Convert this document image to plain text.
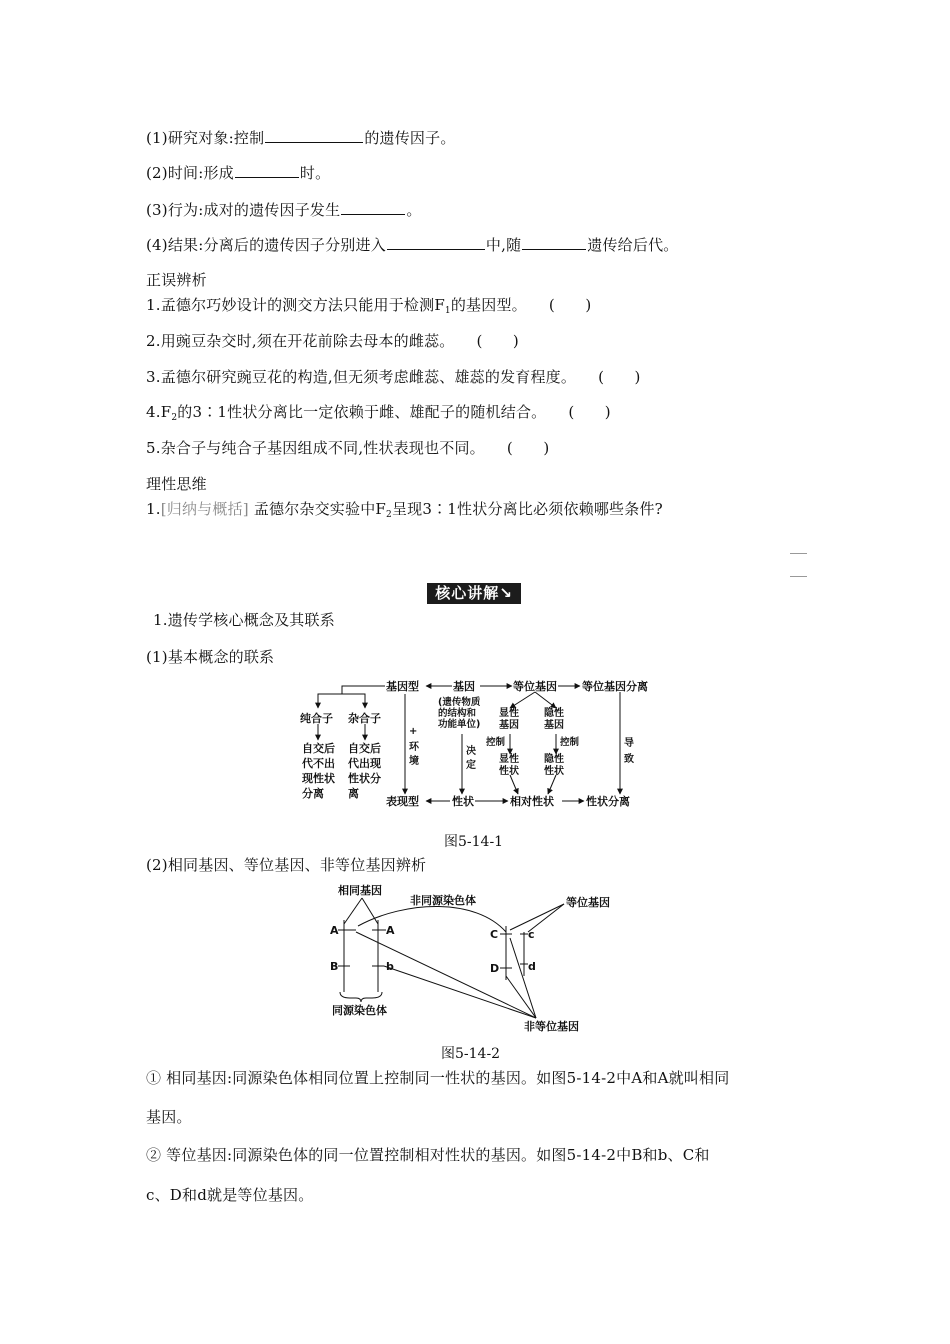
(1)研究对象:控制	的遗传因子。
(2)时间:形成	时。
(3)行为:成对的遗传因子发生	。
(4)结果:分离后的遗传因子分别进入	中,随	遗传给后代。
正误辨析
1.孟德尔巧妙设计的测交方法只能用于检测$F_1$的基因型。 (　　)
2.用豌豆杂交时,须在开花前除去母本的雌蕊。 (　　)
3.孟德尔研究豌豆花的构造,但无须考虑雌蕊、雄蕊的发育程度。 (　　)
$4.F_2$的3∶1性状分离比一定依赖于雌、雄配子的随机结合。 (　　)
5.杂合子与纯合子基因组成不同,性状表现也不同。 (　　)
理性思维
1.[归纳与概括] 孟德尔杂交实验中$F_2$呈现3∶1性状分离比必须依赖哪些条件?
核心讲解↘
1.遗传学核心概念及其联系
(1)基本概念的联系
基因型	基因
(遗传物质
的结构和
功能单位)
等位基因 等位基因分离
纯合子 杂合子
自交后
代不出
现性状
分离
自交后
代出现
性状分
离
+
环
境
决
定
显性
基因
隐性
基因
控制	控制
显性
性状
隐性
性状
导
致
表现型	性状	相对性状	性状分离
图5-14-1
(2)相同基因、等位基因、非等位基因辨析
相同基因
非同源染色体	等位基因
A	A
B	b
C	c
D	d
同源染色体
非等位基因
图5-14-2
① 相同基因:同源染色体相同位置上控制同一性状的基因。如图5-14-2中A和A就叫相同
基因。
② 等位基因:同源染色体的同一位置控制相对性状的基因。如图5-14-2中B和b、C和
c、D和d就是等位基因。
